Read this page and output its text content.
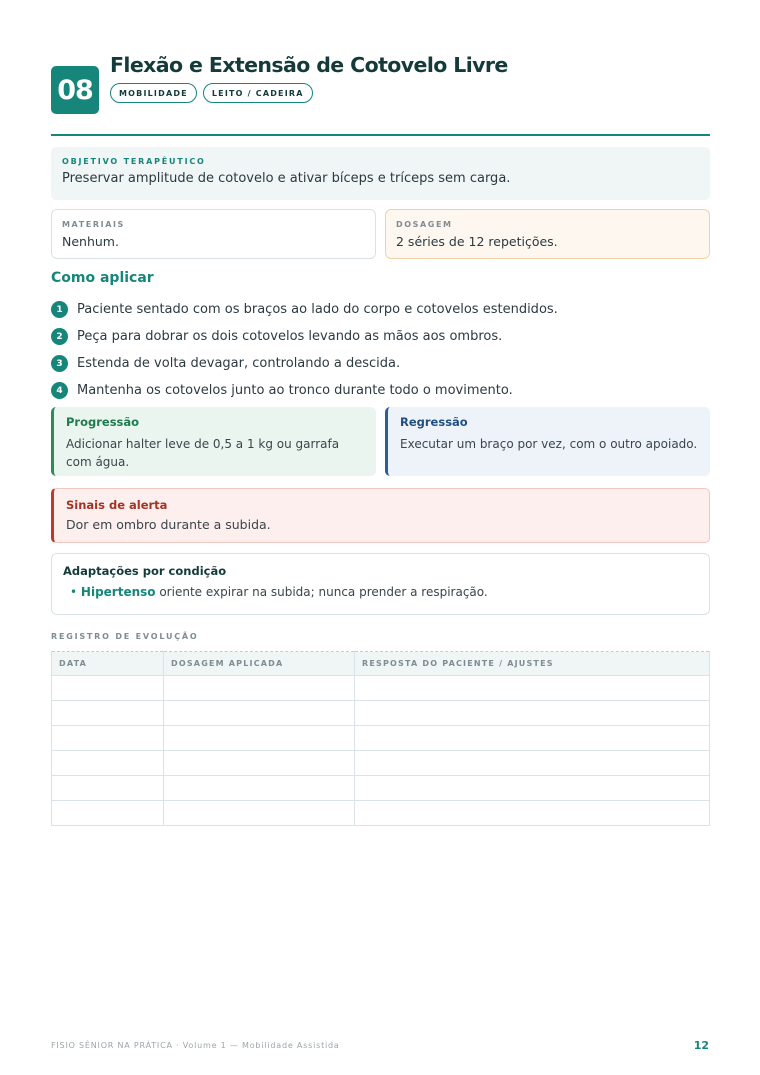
08
Flexão e Extensão de Cotovelo Livre
MOBILIDADE	LEITO / CADEIRA
OBJETIVO TERAPÊUTICO
Preservar amplitude de cotovelo e ativar bíceps e tríceps sem carga.
MATERIAIS
Nenhum.
DOSAGEM
2 séries de 12 repetições.
Como aplicar
1	Paciente sentado com os braços ao lado do corpo e cotovelos estendidos.
2	Peça para dobrar os dois cotovelos levando as mãos aos ombros.
3	Estenda de volta devagar, controlando a descida.
4	Mantenha os cotovelos junto ao tronco durante todo o movimento.
Progressão
Adicionar halter leve de 0,5 a 1 kg ou garrafa com água.
Regressão
Executar um braço por vez, com o outro apoiado.
Sinais de alerta
Dor em ombro durante a subida.
Adaptações por condição
• Hipertenso oriente expirar na subida; nunca prender a respiração.
REGISTRO DE EVOLUÇÃO
DATA	DOSAGEM APLICADA	RESPOSTA DO PACIENTE / AJUSTES

FISIO SÊNIOR NA PRÁTICA · Volume 1 — Mobilidade Assistida	12
